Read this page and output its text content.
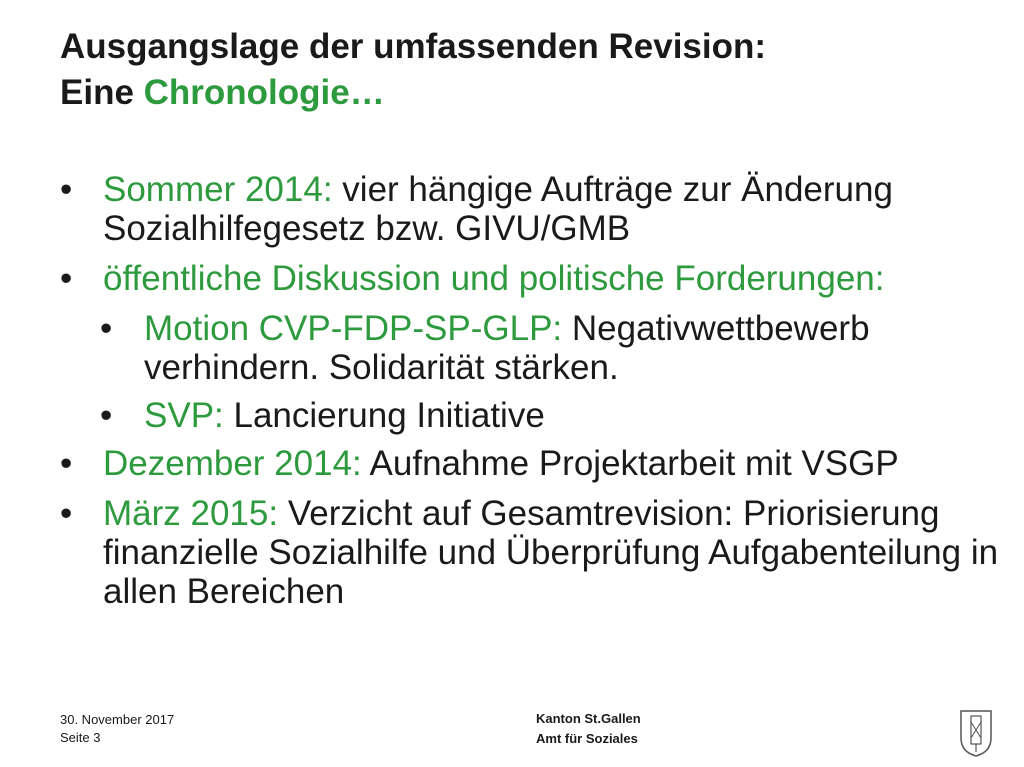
Ausgangslage der umfassenden Revision:
Eine Chronologie…
• Sommer 2014: vier hängige Aufträge zur Änderung Sozialhilfegesetz bzw. GIVU/GMB
• öffentliche Diskussion und politische Forderungen:
• Motion CVP-FDP-SP-GLP: Negativwettbewerb verhindern. Solidarität stärken.
• SVP: Lancierung Initiative
• Dezember 2014: Aufnahme Projektarbeit mit VSGP
• März 2015: Verzicht auf Gesamtrevision: Priorisierung finanzielle Sozialhilfe und Überprüfung Aufgabenteilung in allen Bereichen
30. November 2017
Seite 3
Kanton St.Gallen
Amt für Soziales
